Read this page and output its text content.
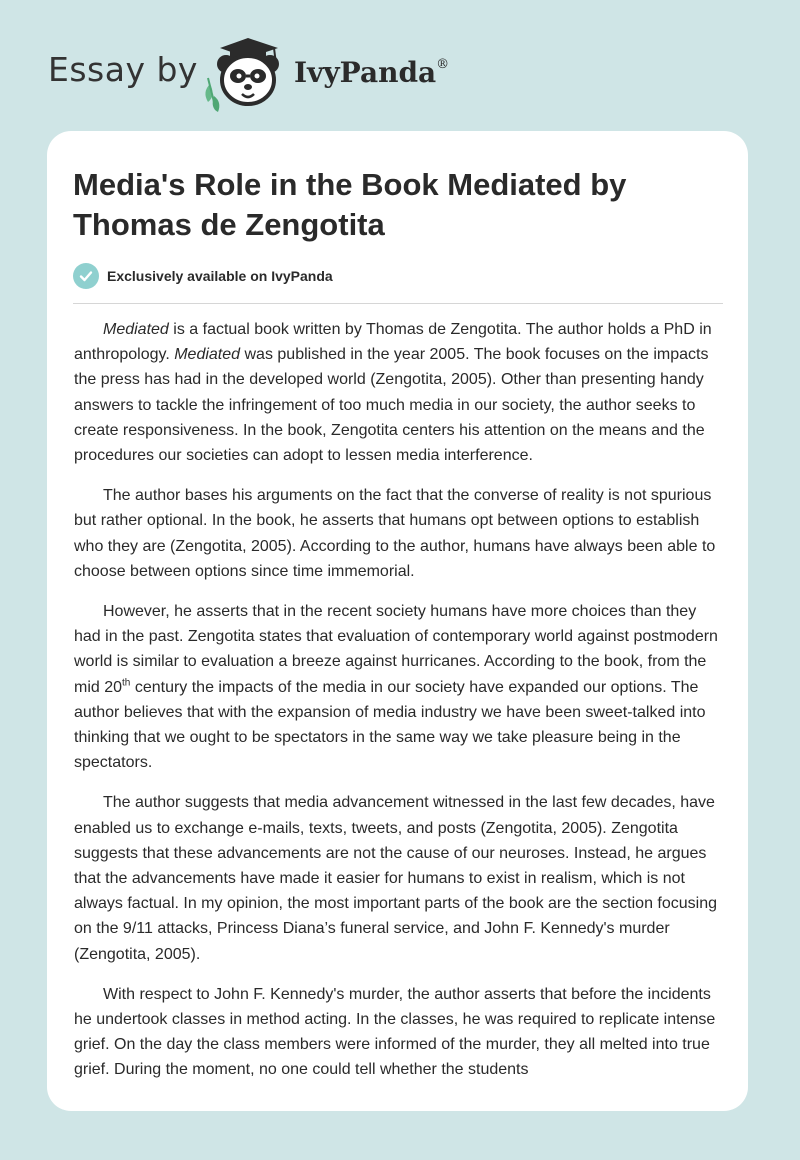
Essay by	IvyPanda®
Media's Role in the Book Mediated by Thomas de Zengotita
Exclusively available on IvyPanda

Mediated is a factual book written by Thomas de Zengotita. The author holds a PhD in anthropology. Mediated was published in the year 2005. The book focuses on the impacts the press has had in the developed world (Zengotita, 2005). Other than presenting handy answers to tackle the infringement of too much media in our society, the author seeks to create responsiveness. In the book, Zengotita centers his attention on the means and the procedures our societies can adopt to lessen media interference.

The author bases his arguments on the fact that the converse of reality is not spurious but rather optional. In the book, he asserts that humans opt between options to establish who they are (Zengotita, 2005). According to the author, humans have always been able to choose between options since time immemorial.

However, he asserts that in the recent society humans have more choices than they had in the past. Zengotita states that evaluation of contemporary world against postmodern world is similar to evaluation a breeze against hurricanes. According to the book, from the mid 20th century the impacts of the media in our society have expanded our options. The author believes that with the expansion of media industry we have been sweet-talked into thinking that we ought to be spectators in the same way we take pleasure being in the spectators.

The author suggests that media advancement witnessed in the last few decades, have enabled us to exchange e-mails, texts, tweets, and posts (Zengotita, 2005). Zengotita suggests that these advancements are not the cause of our neuroses. Instead, he argues that the advancements have made it easier for humans to exist in realism, which is not always factual. In my opinion, the most important parts of the book are the section focusing on the 9/11 attacks, Princess Diana’s funeral service, and John F. Kennedy's murder (Zengotita, 2005).

With respect to John F. Kennedy's murder, the author asserts that before the incidents he undertook classes in method acting. In the classes, he was required to replicate intense grief. On the day the class members were informed of the murder, they all melted into true grief. During the moment, no one could tell whether the students
